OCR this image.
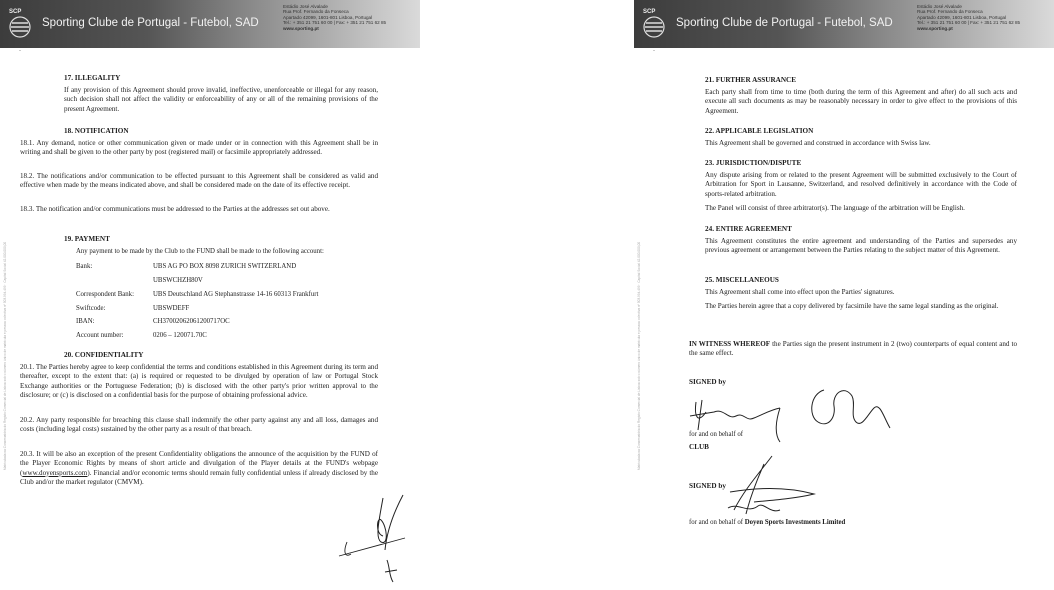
SCP
Sporting Clube de Portugal - Futebol, SAD
Estádio José Alvalade
Rua Prof. Fernando da Fonseca
Apartado 42099, 1601-801 Lisboa, Portugal
Tel.: + 351 21 751 60 00 | Fax: + 351 21 751 62 85
www.sporting.pt
-
Matriculada na Conservatória do Registo Comercial de Lisboa sob o número único de matrícula e pessoa colectiva nº 503.994.499 · Capital Social 42.000.000,00
17. ILLEGALITY
If any provision of this Agreement should prove invalid, ineffective, unenforceable or illegal for any reason, such decision shall not affect the validity or enforceability of any or all of the remaining provisions of the present Agreement.
18. NOTIFICATION
18.1. Any demand, notice or other communication given or made under or in connection with this Agreement shall be in writing and shall be given to the other party by post (registered mail) or facsimile appropriately addressed.
18.2. The notifications and/or communication to be effected pursuant to this Agreement shall be considered as valid and effective when made by the means indicated above, and shall be considered made on the date of its effective receipt.
18.3. The notification and/or communications must be addressed to the Parties at the addresses set out above.
19. PAYMENT
Any payment to be made by the Club to the FUND shall be made to the following account:
Bank:	UBS AG PO BOX 8098 ZURICH SWITZERLAND
UBSWCHZH80V
Correspondent Bank:	UBS Deutschland AG Stephanstrasse 14-16 60313 Frankfurt
Swiftcode:	UBSWDEFF
IBAN:	CH37002062061200717OC
Account number:	0206 – 120071.70C
20. CONFIDENTIALITY
20.1. The Parties hereby agree to keep confidential the terms and conditions established in this Agreement during its term and thereafter, except to the extent that: (a) is required or requested to be divulged by operation of law or Portugal Stock Exchange authorities or the Portuguese Federation; (b) is disclosed with the other party's prior written approval to the disclosure; or (c) is disclosed on a confidential basis for the purpose of obtaining professional advice.
20.2. Any party responsible for breaching this clause shall indemnify the other party against any and all loss, damages and costs (including legal costs) sustained by the other party as a result of that breach.
20.3. It will be also an exception of the present Confidentiality obligations the announce of the acquisition by the FUND of the Player Economic Rights by means of short article and divulgation of the Player details at the FUND's webpage (www.doyensports.com). Financial and/or economic terms should remain fully confidential unless if already disclosed by the Club and/or the market regulator (CMVM).
SCP
Sporting Clube de Portugal - Futebol, SAD
Estádio José Alvalade
Rua Prof. Fernando da Fonseca
Apartado 42099, 1601-801 Lisboa, Portugal
Tel.: + 351 21 751 60 00 | Fax: + 351 21 751 62 85
www.sporting.pt
-
Matriculada na Conservatória do Registo Comercial de Lisboa sob o número único de matrícula e pessoa colectiva nº 503.994.499 · Capital Social 42.000.000,00
21. FURTHER ASSURANCE
Each party shall from time to time (both during the term of this Agreement and after) do all such acts and execute all such documents as may be reasonably necessary in order to give effect to the provisions of this Agreement.
22. APPLICABLE LEGISLATION
This Agreement shall be governed and construed in accordance with Swiss law.
23. JURISDICTION/DISPUTE
Any dispute arising from or related to the present Agreement will be submitted exclusively to the Court of Arbitration for Sport in Lausanne, Switzerland, and resolved definitively in accordance with the Code of sports-related arbitration.
The Panel will consist of three arbitrator(s). The language of the arbitration will be English.
24. ENTIRE AGREEMENT
This Agreement constitutes the entire agreement and understanding of the Parties and supersedes any previous agreement or arrangement between the Parties relating to the subject matter of this Agreement.
25. MISCELLANEOUS
This Agreement shall come into effect upon the Parties' signatures.
The Parties herein agree that a copy delivered by facsimile have the same legal standing as the original.
IN WITNESS WHEREOF the Parties sign the present instrument in 2 (two) counterparts of equal content and to the same effect.
SIGNED by
for and on behalf of
CLUB
SIGNED by
for and on behalf of Doyen Sports Investments Limited
